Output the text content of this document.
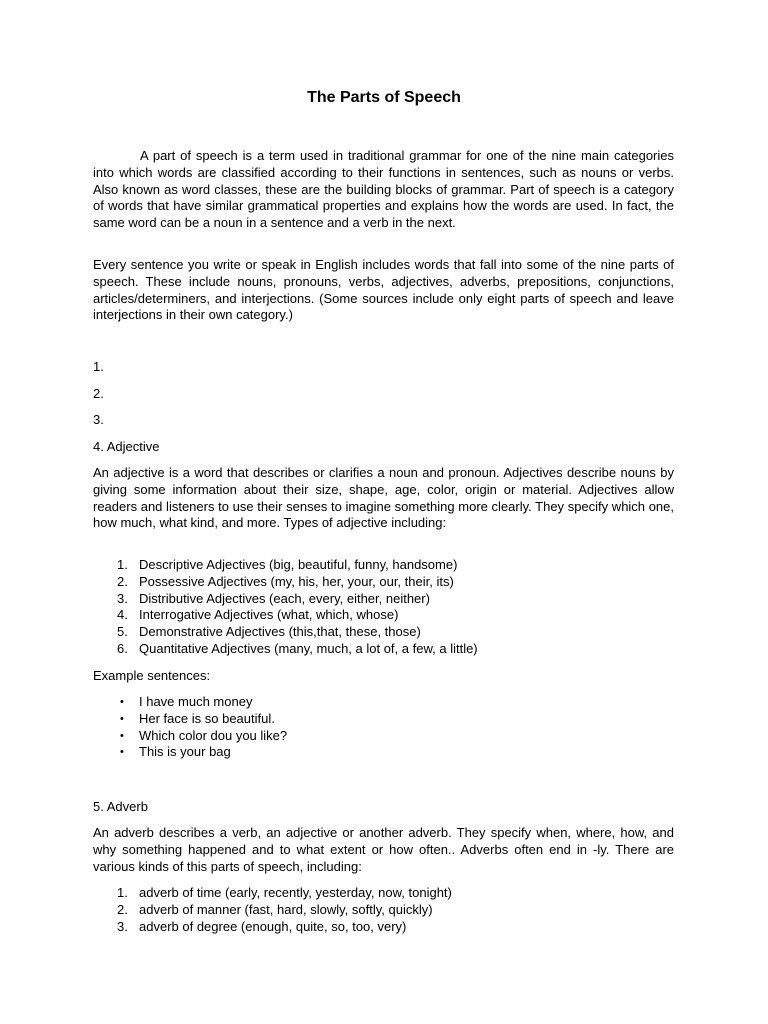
The Parts of Speech

A part of speech is a term used in traditional grammar for one of the nine main categories into which words are classified according to their functions in sentences, such as nouns or verbs. Also known as word classes, these are the building blocks of grammar. Part of speech is a category of words that have similar grammatical properties and explains how the words are used. In fact, the same word can be a noun in a sentence and a verb in the next.

Every sentence you write or speak in English includes words that fall into some of the nine parts of speech. These include nouns, pronouns, verbs, adjectives, adverbs, prepositions, conjunctions, articles/determiners, and interjections. (Some sources include only eight parts of speech and leave interjections in their own category.)

1.
2.
3.
4. Adjective

An adjective is a word that describes or clarifies a noun and pronoun. Adjectives describe nouns by giving some information about their size, shape, age, color, origin or material. Adjectives allow readers and listeners to use their senses to imagine something more clearly. They specify which one, how much, what kind, and more. Types of adjective including:

1. Descriptive Adjectives (big, beautiful, funny, handsome)
2. Possessive Adjectives (my, his, her, your, our, their, its)
3. Distributive Adjectives (each, every, either, neither)
4. Interrogative Adjectives (what, which, whose)
5. Demonstrative Adjectives (this,that, these, those)
6. Quantitative Adjectives (many, much, a lot of, a few, a little)
Example sentences:
• I have much money
• Her face is so beautiful.
• Which color dou you like?
• This is your bag
5. Adverb

An adverb describes a verb, an adjective or another adverb. They specify when, where, how, and why something happened and to what extent or how often.. Adverbs often end in -ly. There are various kinds of this parts of speech, including:

1. adverb of time (early, recently, yesterday, now, tonight)
2. adverb of manner (fast, hard, slowly, softly, quickly)
3. adverb of degree (enough, quite, so, too, very)
